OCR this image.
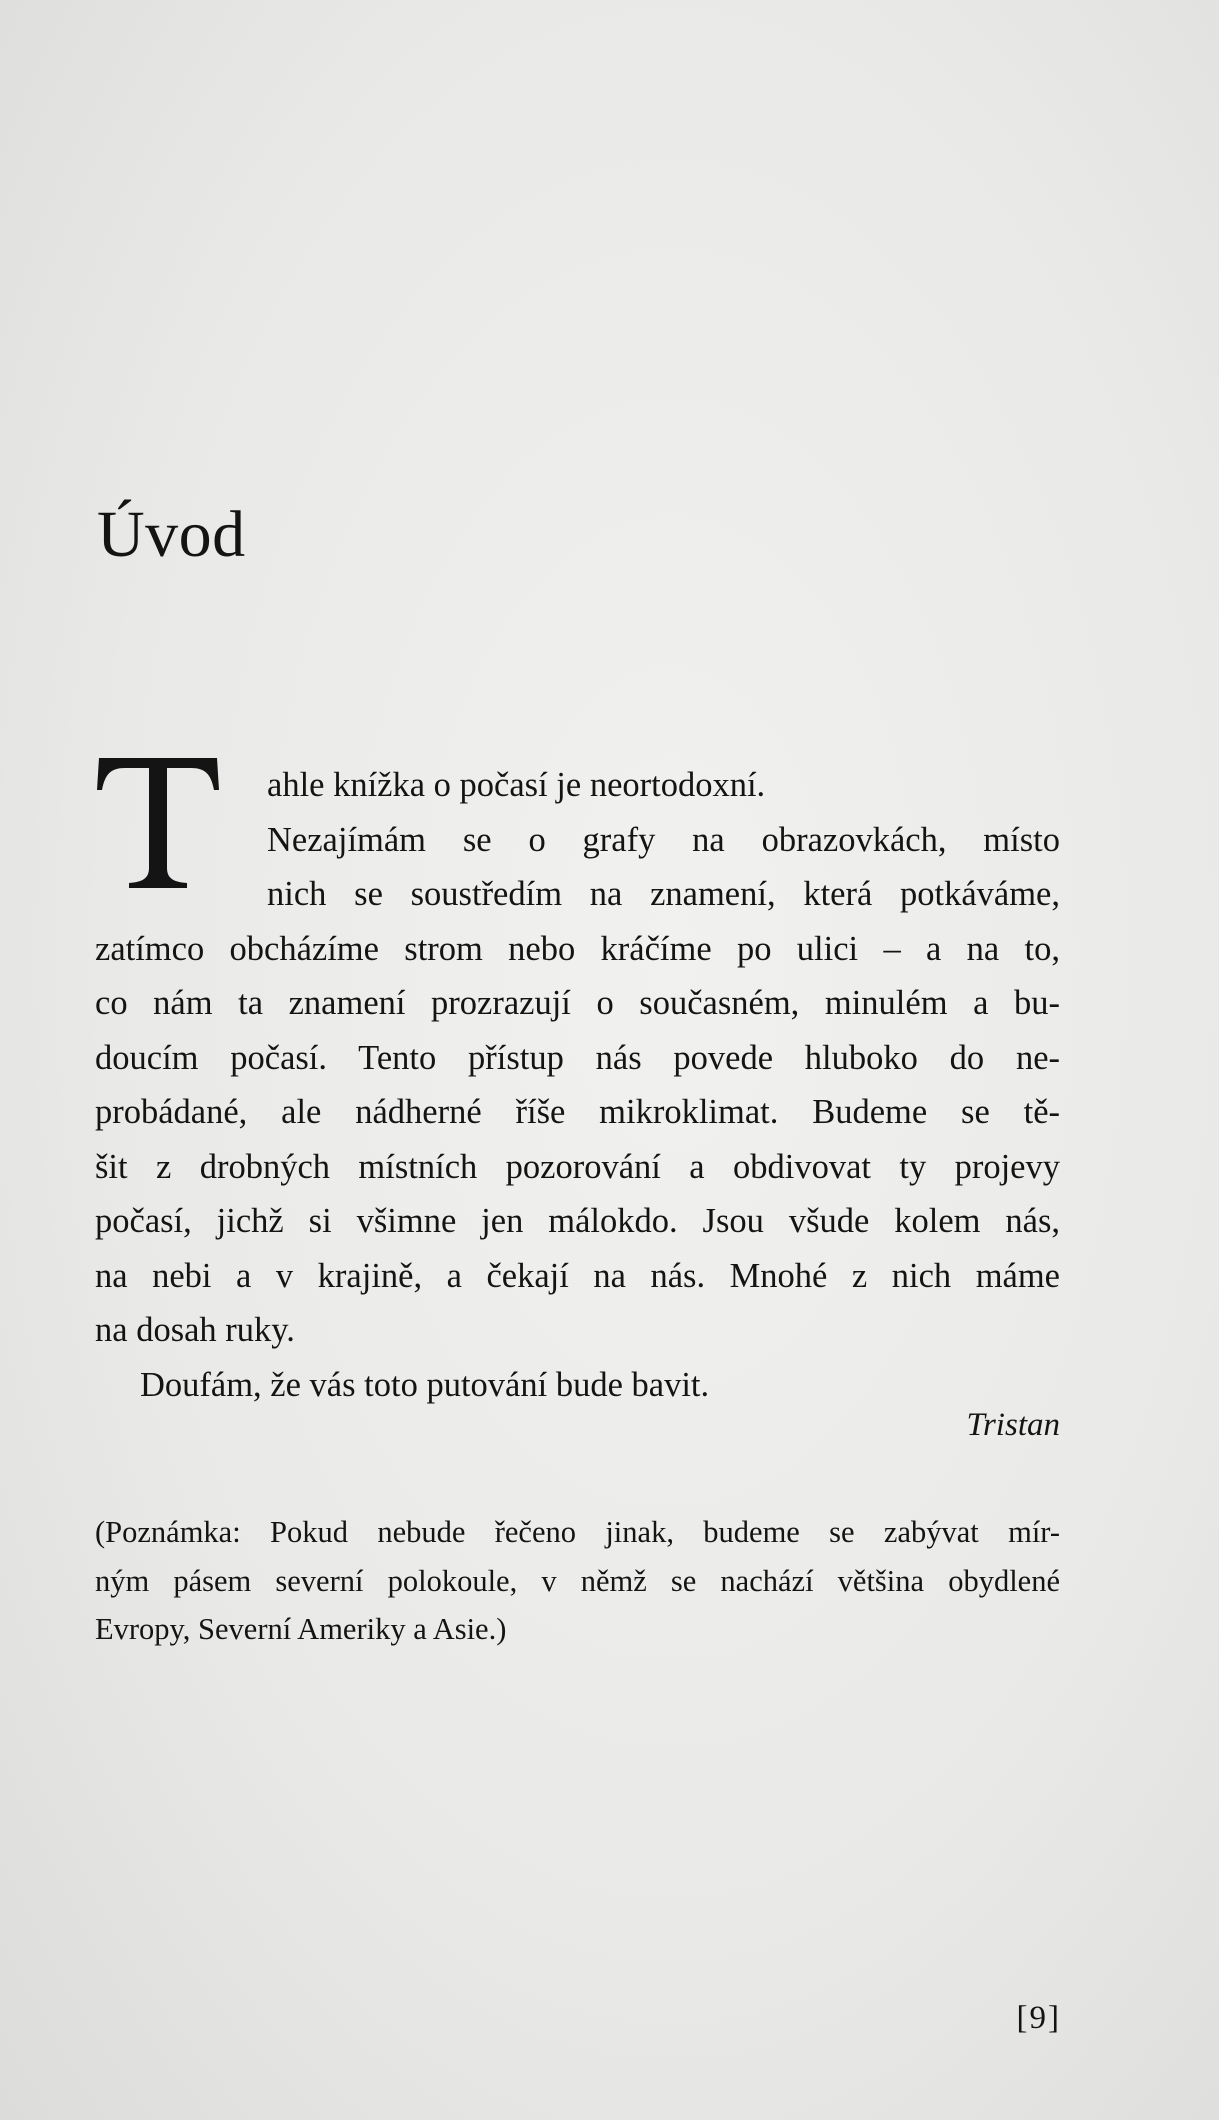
Úvod
ahle knížka o počasí je neortodoxní.
Nezajímám se o grafy na obrazovkách, místo
nich se soustředím na znamení, která potkáváme,
zatímco obcházíme strom nebo kráčíme po ulici – a na to,
co nám ta znamení prozrazují o současném, minulém a bu-
doucím počasí. Tento přístup nás povede hluboko do ne-
probádané, ale nádherné říše mikroklimat. Budeme se tě-
šit z drobných místních pozorování a obdivovat ty projevy
počasí, jichž si všimne jen málokdo. Jsou všude kolem nás,
na nebi a v krajině, a čekají na nás. Mnohé z nich máme
na dosah ruky.
Doufám, že vás toto putování bude bavit.
Tristan
(Poznámka: Pokud nebude řečeno jinak, budeme se zabývat mír-
ným pásem severní polokoule, v němž se nachází většina obydlené
Evropy, Severní Ameriky a Asie.)
[9]
